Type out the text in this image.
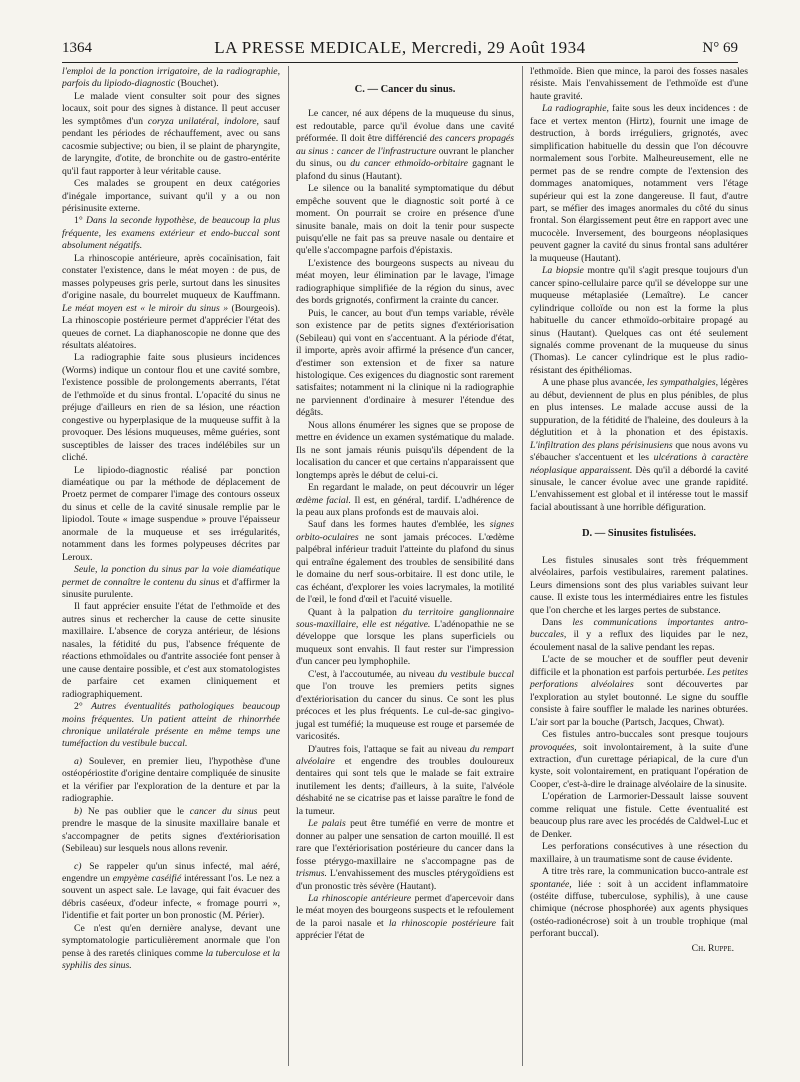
1364	LA PRESSE MEDICALE, Mercredi, 29 Août 1934	N° 69

l'emploi de la ponction irrigatoire, de la radiographie, parfois du lipiodo-diagnostic (Bouchet).

Le malade vient consulter soit pour des signes locaux, soit pour des signes à distance. Il peut accuser les symptômes d'un coryza unilatéral, indolore, sauf pendant les périodes de réchauffement, avec ou sans cacosmie subjective; ou bien, il se plaint de pharyngite, de laryngite, d'otite, de bronchite ou de gastro-entérite qu'il faut rapporter à leur véritable cause.

Ces malades se groupent en deux catégories d'inégale importance, suivant qu'il y a ou non périsinusite externe.

1° Dans la seconde hypothèse, de beaucoup la plus fréquente, les examens extérieur et endo-buccal sont absolument négatifs.

La rhinoscopie antérieure, après cocaïnisation, fait constater l'existence, dans le méat moyen : de pus, de masses polypeuses gris perle, surtout dans les sinusites d'origine nasale, du bourrelet muqueux de Kauffmann. Le méat moyen est « le miroir du sinus » (Bourgeois). La rhinoscopie postérieure permet d'apprécier l'état des queues de cornet. La diaphanoscopie ne donne que des résultats aléatoires.

La radiographie faite sous plusieurs incidences (Worms) indique un contour flou et une cavité sombre, l'existence possible de prolongements aberrants, l'état de l'ethmoïde et du sinus frontal. L'opacité du sinus ne préjuge d'ailleurs en rien de sa lésion, une réaction congestive ou hyperplasique de la muqueuse suffit à la provoquer. Des lésions muqueuses, même guéries, sont susceptibles de laisser des traces indélébiles sur un cliché.

Le lipiodo-diagnostic réalisé par ponction diaméatique ou par la méthode de déplacement de Proetz permet de comparer l'image des contours osseux du sinus et celle de la cavité sinusale remplie par le lipiodol. Toute « image suspendue » prouve l'épaisseur anormale de la muqueuse et ses irrégularités, notamment dans les formes polypeuses décrites par Leroux.

Seule, la ponction du sinus par la voie diaméatique permet de connaître le contenu du sinus et d'affirmer la sinusite purulente.

Il faut apprécier ensuite l'état de l'ethmoïde et des autres sinus et rechercher la cause de cette sinusite maxillaire. L'absence de coryza antérieur, de lésions nasales, la fétidité du pus, l'absence fréquente de réactions ethmoïdales ou d'antrite associée font penser à une cause dentaire possible, et c'est aux stomatologistes de parfaire cet examen cliniquement et radiographiquement.

2° Autres éventualités pathologiques beaucoup moins fréquentes. Un patient atteint de rhinorrhée chronique unilatérale présente en même temps une tuméfaction du vestibule buccal.

a) Soulever, en premier lieu, l'hypothèse d'une ostéopériostite d'origine dentaire compliquée de sinusite et la vérifier par l'exploration de la denture et par la radiographie.

b) Ne pas oublier que le cancer du sinus peut prendre le masque de la sinusite maxillaire banale et s'accompagner de petits signes d'extériorisation (Sebileau) sur lesquels nous allons revenir.

c) Se rappeler qu'un sinus infecté, mal aéré, engendre un empyème caséifié intéressant l'os. Le nez a souvent un aspect sale. Le lavage, qui fait évacuer des débris caséeux, d'odeur infecte, « fromage pourri », l'identifie et fait porter un bon pronostic (M. Périer).

Ce n'est qu'en dernière analyse, devant une symptomatologie particulièrement anormale que l'on pense à des raretés cliniques comme la tuberculose et la syphilis des sinus.

C. — Cancer du sinus.

Le cancer, né aux dépens de la muqueuse du sinus, est redoutable, parce qu'il évolue dans une cavité préformée. Il doit être différencié des cancers propagés au sinus : cancer de l'infrastructure ouvrant le plancher du sinus, ou du cancer ethmoïdo-orbitaire gagnant le plafond du sinus (Hautant).

Le silence ou la banalité symptomatique du début empêche souvent que le diagnostic soit porté à ce moment. On pourrait se croire en présence d'une sinusite banale, mais on doit la tenir pour suspecte puisqu'elle ne fait pas sa preuve nasale ou dentaire et qu'elle s'accompagne parfois d'épistaxis.

L'existence des bourgeons suspects au niveau du méat moyen, leur élimination par le lavage, l'image radiographique simplifiée de la région du sinus, avec des bords grignotés, confirment la crainte du cancer.

Puis, le cancer, au bout d'un temps variable, révèle son existence par de petits signes d'extériorisation (Sebileau) qui vont en s'accentuant. A la période d'état, il importe, après avoir affirmé la présence d'un cancer, d'estimer son extension et de fixer sa nature histologique. Ces exigences du diagnostic sont rarement satisfaites; notamment ni la clinique ni la radiographie ne parviennent d'ordinaire à mesurer l'étendue des dégâts.

Nous allons énumérer les signes que se propose de mettre en évidence un examen systématique du malade. Ils ne sont jamais réunis puisqu'ils dépendent de la localisation du cancer et que certains n'apparaissent que longtemps après le début de celui-ci.

En regardant le malade, on peut découvrir un léger œdème facial. Il est, en général, tardif. L'adhérence de la peau aux plans profonds est de mauvais aloi.

Sauf dans les formes hautes d'emblée, les signes orbito-oculaires ne sont jamais précoces. L'œdème palpébral inférieur traduit l'atteinte du plafond du sinus qui entraîne également des troubles de sensibilité dans le domaine du nerf sous-orbitaire. Il est donc utile, le cas échéant, d'explorer les voies lacrymales, la motilité de l'œil, le fond d'œil et l'acuité visuelle.

Quant à la palpation du territoire ganglionnaire sous-maxillaire, elle est négative. L'adénopathie ne se développe que lorsque les plans superficiels ou muqueux sont envahis. Il faut rester sur l'impression d'un cancer peu lymphophile.

C'est, à l'accoutumée, au niveau du vestibule buccal que l'on trouve les premiers petits signes d'extériorisation du cancer du sinus. Ce sont les plus précoces et les plus fréquents. Le cul-de-sac gingivo-jugal est tuméfié; la muqueuse est rouge et parsemée de varicosités.

D'autres fois, l'attaque se fait au niveau du rempart alvéolaire et engendre des troubles douloureux dentaires qui sont tels que le malade se fait extraire inutilement les dents; d'ailleurs, à la suite, l'alvéole déshabité ne se cicatrise pas et laisse paraître le fond de la tumeur.

Le palais peut être tuméfié en verre de montre et donner au palper une sensation de carton mouillé. Il est rare que l'extériorisation postérieure du cancer dans la fosse ptérygo-maxillaire ne s'accompagne pas de trismus. L'envahissement des muscles ptérygoïdiens est d'un pronostic très sévère (Hautant).

La rhinoscopie antérieure permet d'apercevoir dans le méat moyen des bourgeons suspects et le refoulement de la paroi nasale et la rhinoscopie postérieure fait apprécier l'état de

l'ethmoïde. Bien que mince, la paroi des fosses nasales résiste. Mais l'envahissement de l'ethmoïde est d'une haute gravité.

La radiographie, faite sous les deux incidences : de face et vertex menton (Hirtz), fournit une image de destruction, à bords irréguliers, grignotés, avec simplification habituelle du dessin que l'on découvre normalement sous l'orbite. Malheureusement, elle ne permet pas de se rendre compte de l'extension des dommages anatomiques, notamment vers l'étage supérieur qui est la zone dangereuse. Il faut, d'autre part, se méfier des images anormales du côté du sinus frontal. Son élargissement peut être en rapport avec une mucocèle. Inversement, des bourgeons néoplasiques peuvent gagner la cavité du sinus frontal sans adultérer la muqueuse (Hautant).

La biopsie montre qu'il s'agit presque toujours d'un cancer spino-cellulaire parce qu'il se développe sur une muqueuse métaplasiée (Lemaître). Le cancer cylindrique colloïde ou non est la forme la plus habituelle du cancer ethmoïdo-orbitaire propagé au sinus (Hautant). Quelques cas ont été seulement signalés comme provenant de la muqueuse du sinus (Thomas). Le cancer cylindrique est le plus radio-résistant des épithéliomas.

A une phase plus avancée, les sympathalgies, légères au début, deviennent de plus en plus pénibles, de plus en plus intenses. Le malade accuse aussi de la suppuration, de la fétidité de l'haleine, des douleurs à la déglutition et à la phonation et des épistaxis. L'infiltration des plans périsinusiens que nous avons vu s'ébaucher s'accentuent et les ulcérations à caractère néoplasique apparaissent. Dès qu'il a débordé la cavité sinusale, le cancer évolue avec une grande rapidité. L'envahissement est global et il intéresse tout le massif facial aboutissant à une horrible défiguration.

D. — Sinusites fistulisées.

Les fistules sinusales sont très fréquemment alvéolaires, parfois vestibulaires, rarement palatines. Leurs dimensions sont des plus variables suivant leur cause. Il existe tous les intermédiaires entre les fistules que l'on cherche et les larges pertes de substance.

Dans les communications importantes antro-buccales, il y a reflux des liquides par le nez, écoulement nasal de la salive pendant les repas.

L'acte de se moucher et de souffler peut devenir difficile et la phonation est parfois perturbée. Les petites perforations alvéolaires sont découvertes par l'exploration au stylet boutonné. Le signe du souffle consiste à faire souffler le malade les narines obturées. L'air sort par la bouche (Partsch, Jacques, Chwat).

Ces fistules antro-buccales sont presque toujours provoquées, soit involontairement, à la suite d'une extraction, d'un curettage périapical, de la cure d'un kyste, soit volontairement, en pratiquant l'opération de Cooper, c'est-à-dire le drainage alvéolaire de la sinusite.

L'opération de Larmorier-Dessault laisse souvent comme reliquat une fistule. Cette éventualité est beaucoup plus rare avec les procédés de Caldwel-Luc et de Denker.

Les perforations consécutives à une résection du maxillaire, à un traumatisme sont de cause évidente.

A titre très rare, la communication bucco-antrale est spontanée, liée : soit à un accident inflammatoire (ostéite diffuse, tuberculose, syphilis), à une cause chimique (nécrose phosphorée) aux agents physiques (ostéo-radionécrose) soit à un trouble trophique (mal perforant buccal).

Ch. Ruppe.
